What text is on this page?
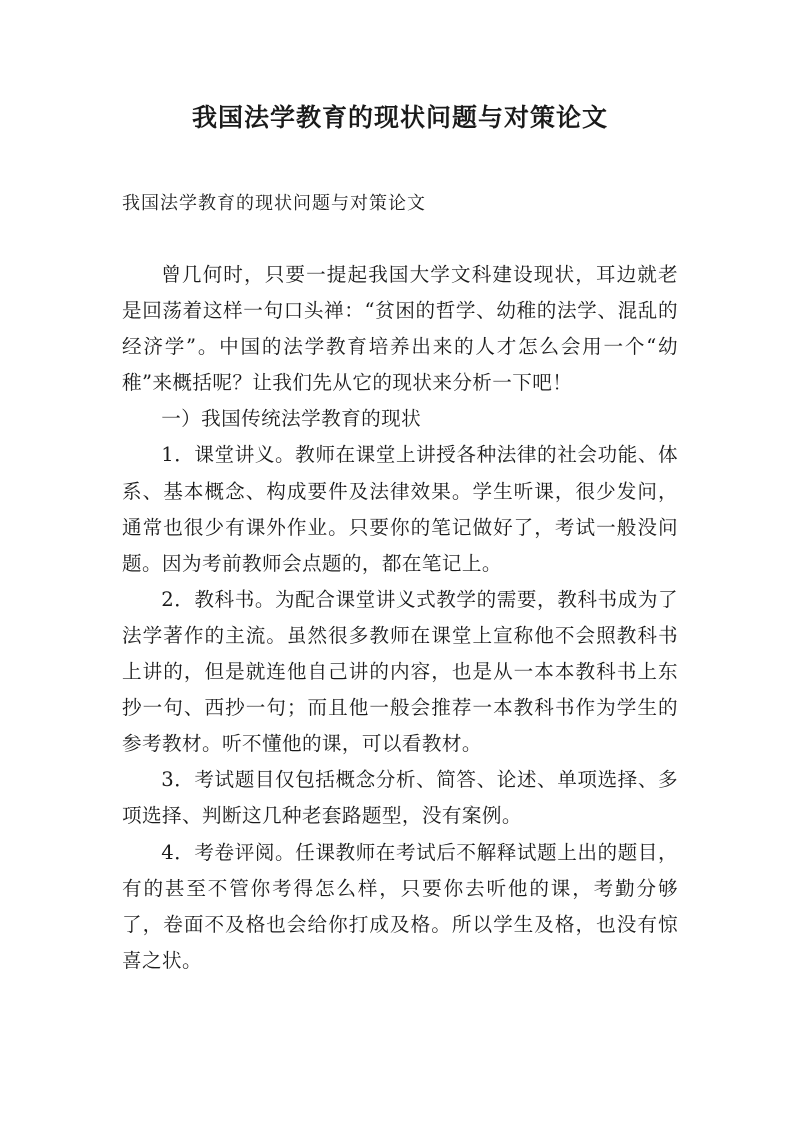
我国法学教育的现状问题与对策论文

我国法学教育的现状问题与对策论文

曾几何时，只要一提起我国大学文科建设现状，耳边就老是回荡着这样一句口头禅：“贫困的哲学、幼稚的法学、混乱的经济学”。中国的法学教育培养出来的人才怎么会用一个“幼稚”来概括呢？让我们先从它的现状来分析一下吧！

一）我国传统法学教育的现状

1．课堂讲义。教师在课堂上讲授各种法律的社会功能、体系、基本概念、构成要件及法律效果。学生听课，很少发问，通常也很少有课外作业。只要你的笔记做好了，考试一般没问题。因为考前教师会点题的，都在笔记上。

2．教科书。为配合课堂讲义式教学的需要，教科书成为了法学著作的主流。虽然很多教师在课堂上宣称他不会照教科书上讲的，但是就连他自己讲的内容，也是从一本本教科书上东抄一句、西抄一句；而且他一般会推荐一本教科书作为学生的参考教材。听不懂他的课，可以看教材。

3．考试题目仅包括概念分析、简答、论述、单项选择、多项选择、判断这几种老套路题型，没有案例。

4．考卷评阅。任课教师在考试后不解释试题上出的题目，有的甚至不管你考得怎么样，只要你去听他的课，考勤分够了，卷面不及格也会给你打成及格。所以学生及格，也没有惊喜之状。
